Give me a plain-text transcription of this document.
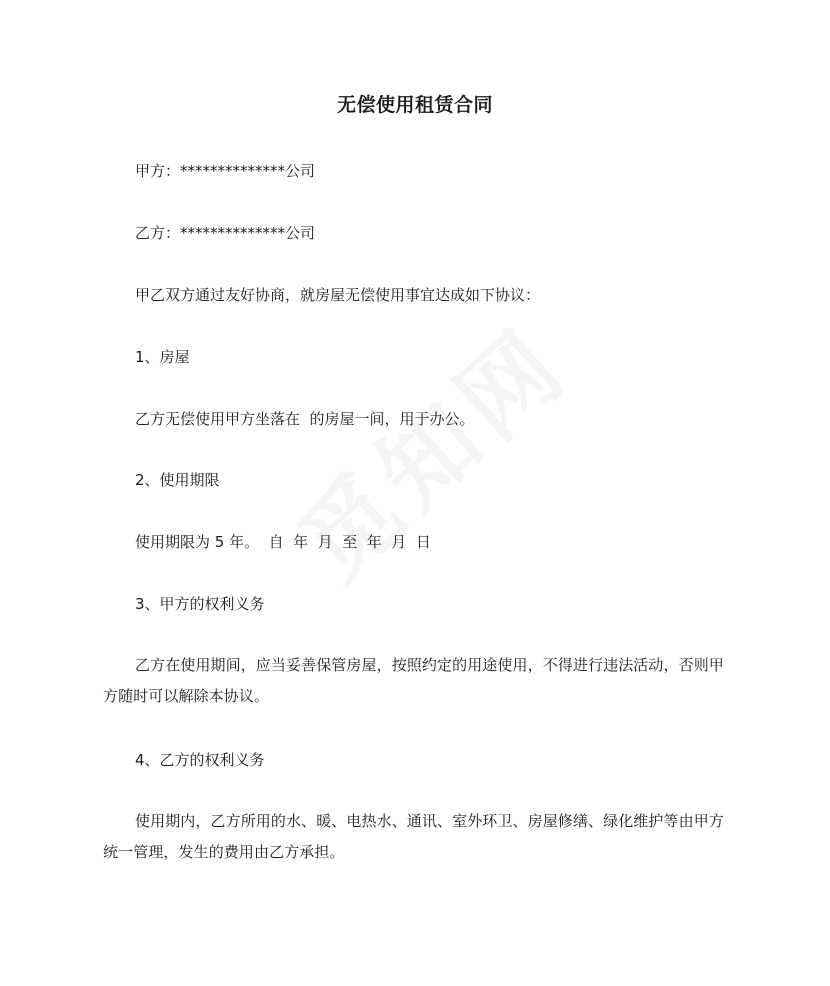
无偿使用租赁合同
甲方：**************公司
乙方：**************公司
甲乙双方通过友好协商，就房屋无偿使用事宜达成如下协议：
1、房屋
乙方无偿使用甲方坐落在  的房屋一间，用于办公。
2、使用期限
使用期限为 5 年。  自  年  月  至  年  月  日
3、甲方的权利义务
乙方在使用期间，应当妥善保管房屋，按照约定的用途使用，不得进行违法活动，否则甲方随时可以解除本协议。
4、乙方的权利义务
使用期内，乙方所用的水、暖、电热水、通讯、室外环卫、房屋修缮、绿化维护等由甲方统一管理，发生的费用由乙方承担。
